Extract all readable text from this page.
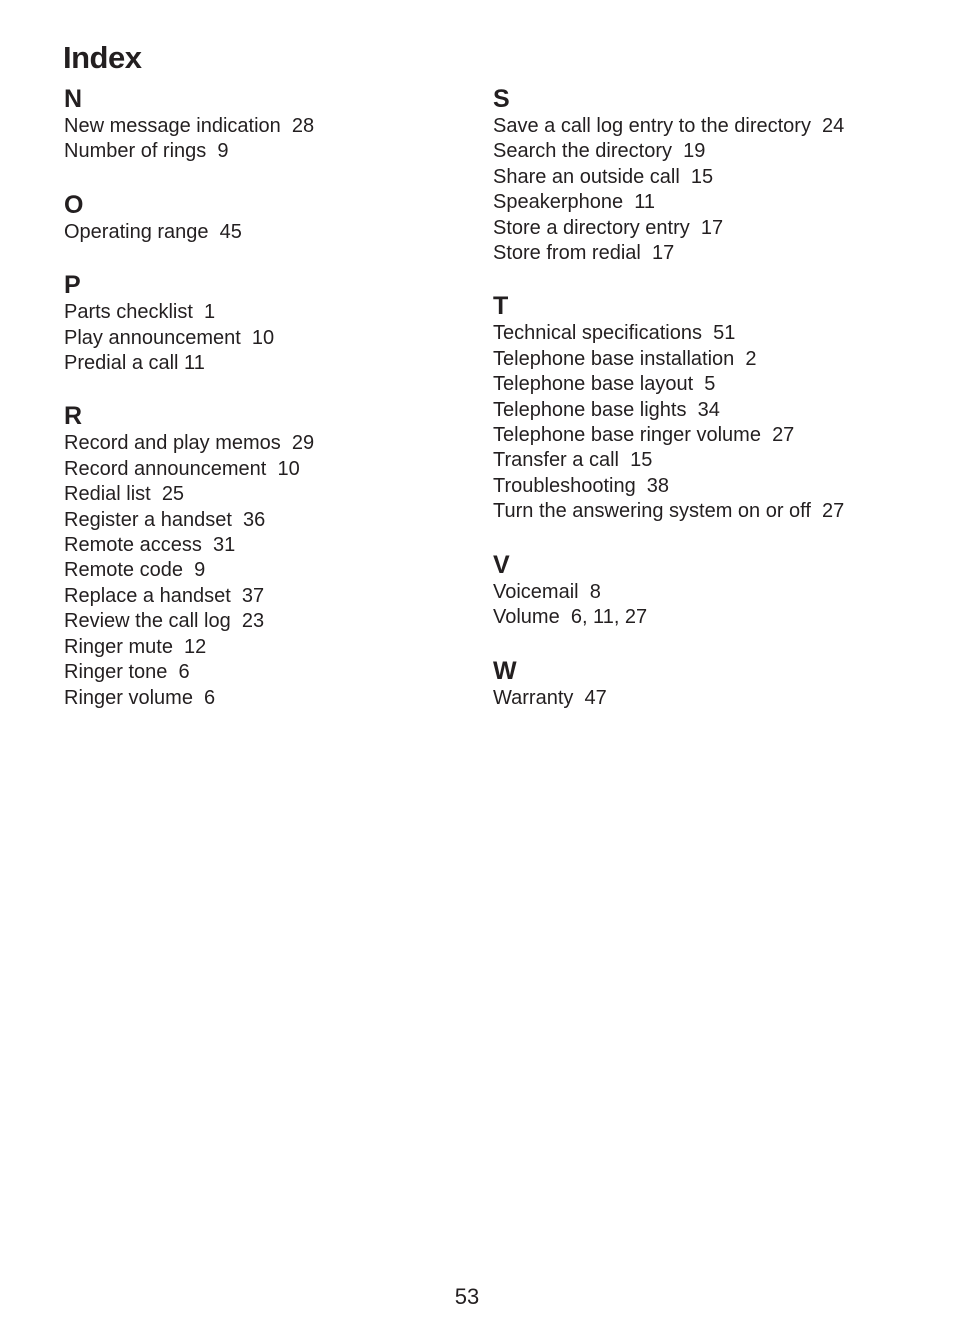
Index
N
New message indication  28
Number of rings  9
O
Operating range  45
P
Parts checklist  1
Play announcement  10
Predial a call 11
R
Record and play memos  29
Record announcement  10
Redial list  25
Register a handset  36
Remote access  31
Remote code  9
Replace a handset  37
Review the call log  23
Ringer mute  12
Ringer tone  6
Ringer volume  6
S
Save a call log entry to the directory  24
Search the directory  19
Share an outside call  15
Speakerphone  11
Store a directory entry  17
Store from redial  17
T
Technical specifications  51
Telephone base installation  2
Telephone base layout  5
Telephone base lights  34
Telephone base ringer volume  27
Transfer a call  15
Troubleshooting  38
Turn the answering system on or off  27
V
Voicemail  8
Volume  6, 11, 27
W
Warranty  47
53
